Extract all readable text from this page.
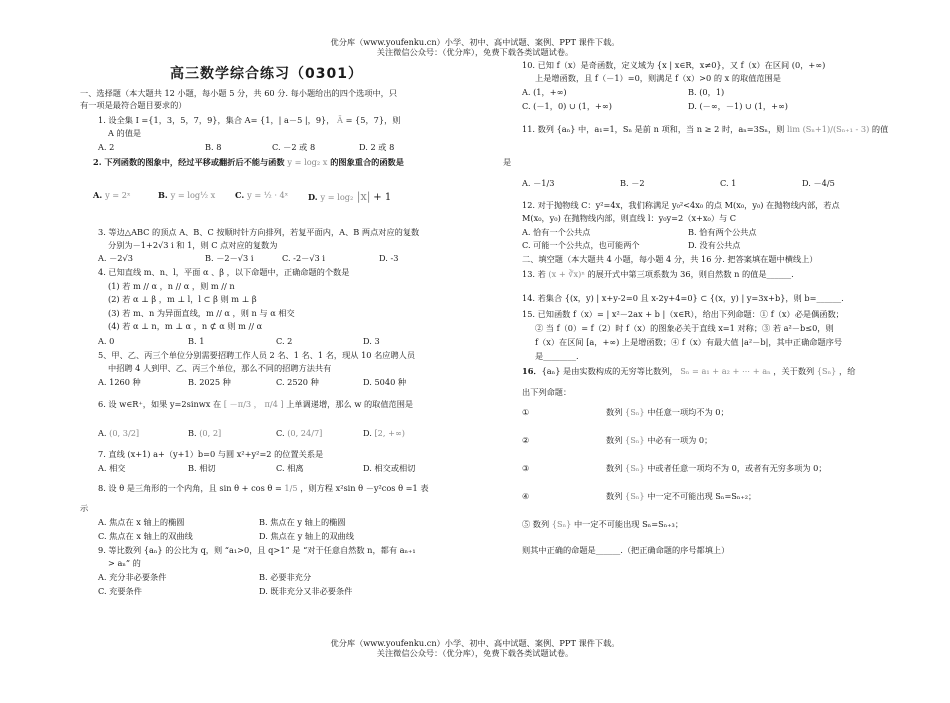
优分库（www.youfenku.cn）小学、初中、高中试题、案例、PPT 课件下载。
关注微信公众号：（优分库），免费下载各类试题试卷。
高三数学综合练习（0301）
一、选择题（本大题共 12 小题，每小题 5 分，共 60 分. 每小题给出的四个选项中，只
有一项是最符合题目要求的）
1. 设全集 I ={1，3，5，7，9}，集合 A= {1，| a－5 |，9}， Ā = {5，7}，则
A 的值是
A. 2	B. 8	C. －2 或 8	D. 2 或 8
2. 下列函数的图象中，经过平移或翻折后不能与函数 y = log₂ x 的图象重合的函数是
A. y = 2ˣ	B. y = log½ x C. y = ½ · 4ˣ D. y = log₂ |x| + 1
3. 等边△ABC 的顶点 A、B、C 按顺时针方向排列，若复平面内，A、B 两点对应的复数
分别为－1+2√3 i 和 1，则 C 点对应的复数为
A. －2√3	B. －2－√3 i	C. -2－√3 i	D. -3
4. 已知直线 m、n、l，平面 α 、β ，以下命题中，正确命题的个数是
(1) 若 m // α ，n // α ，则 m // n
(2) 若 α ⊥ β ，m ⊥ l，l ⊂ β 则 m ⊥ β
(3) 若 m、n 为异面直线，m // α ，则 n 与 α 相交
(4) 若 α ⊥ n，m ⊥ α ，n ⊄ α 则 m // α
A. 0	B. 1	C. 2	D. 3
5、甲、乙、丙三个单位分别需要招聘工作人员 2 名、1 名、1 名，现从 10 名应聘人员
中招聘 4 人到甲、乙、丙三个单位，那么不同的招聘方法共有
A. 1260 种	B. 2025 种	C. 2520 种	D. 5040 种
6. 设 w∈R⁺，如果 y=2sinwx 在 [ －π/3 ， π/4 ] 上单调递增，那么 w 的取值范围是
A. (0, 3/2]	B. (0, 2]	C. (0, 24/7]	D. [2, +∞)
7. 直线 (x+1) a+（y+1）b=0 与圆 x²+y²=2 的位置关系是
A. 相交	B. 相切	C. 相离	D. 相交或相切
8. 设 θ 是三角形的一个内角，且 sin θ + cos θ = 1/5 ，则方程 x²sin θ －y²cos θ =1 表
示
A. 焦点在 x 轴上的椭圆	B. 焦点在 y 轴上的椭圆
C. 焦点在 x 轴上的双曲线	D. 焦点在 y 轴上的双曲线
9. 等比数列 {aₙ} 的公比为 q，则 “a₁>0，且 q>1” 是 “对于任意自然数 n，都有 aₙ₊₁
> aₙ” 的
A. 充分非必要条件	B. 必要非充分
C. 充要条件	D. 既非充分又非必要条件
10. 已知 f（x）是奇函数，定义域为 {x | x∈R，x≠0}，又 f（x）在区间 (0，+∞)
上是增函数，且 f（－1）=0，则满足 f（x）>0 的 x 的取值范围是
A. (1，+∞)	B. (0，1)
C. (－1，0) ∪ (1，+∞)	D. (－∞，－1) ∪ (1，+∞)
11. 数列 {aₙ} 中，a₁=1，Sₙ 是前 n 项和，当 n ≥ 2 时，aₙ=3Sₙ，则 lim (Sₙ+1)/(Sₙ₊₁ - 3) 的值
是
A. －1/3	B. －2	C. 1	D. －4/5
12. 对于抛物线 C：y²=4x，我们称满足 y₀²<4x₀ 的点 M(x₀，y₀) 在抛物线内部，若点
M(x₀，y₀) 在抛物线内部，则直线 l：y₀y=2（x+x₀）与 C
A. 恰有一个公共点	B. 恰有两个公共点
C. 可能一个公共点，也可能两个	D. 没有公共点
二、填空题（本大题共 4 小题，每小题 4 分，共 16 分. 把答案填在题中横线上）
13. 若 (x + ∛x)ⁿ 的展开式中第三项系数为 36，则自然数 n 的值是______.
14. 若集合 {(x，y) | x+y-2=0 且 x-2y+4=0} ⊂ {(x，y) | y=3x+b}，则 b=______.
15. 已知函数 f（x）= | x²－2ax + b |（x∈R），给出下列命题：① f（x）必是偶函数；
② 当 f（0）= f（2）时 f（x）的图象必关于直线 x=1 对称；③ 若 a²－b≤0，则
f（x）在区间 [a，+∞) 上是增函数；④ f（x）有最大值 |a²－b|，其中正确命题序号
是________.
16．{aₙ} 是由实数构成的无穷等比数列， Sₙ = a₁ + a₂ + ⋯ + aₙ ，关于数列 {Sₙ} ，给
出下列命题：
①	数列 {Sₙ} 中任意一项均不为 0；
②	数列 {Sₙ} 中必有一项为 0；
③	数列 {Sₙ} 中或者任意一项均不为 0，或者有无穷多项为 0；
④	数列 {Sₙ} 中一定不可能出现 Sₙ=Sₙ₊₂；
⑤ 数列 {Sₙ} 中一定不可能出现 Sₙ=Sₙ₊₃；
则其中正确的命题是______.（把正确命题的序号都填上）
优分库（www.youfenku.cn）小学、初中、高中试题、案例、PPT 课件下载。
关注微信公众号：（优分库），免费下载各类试题试卷。
